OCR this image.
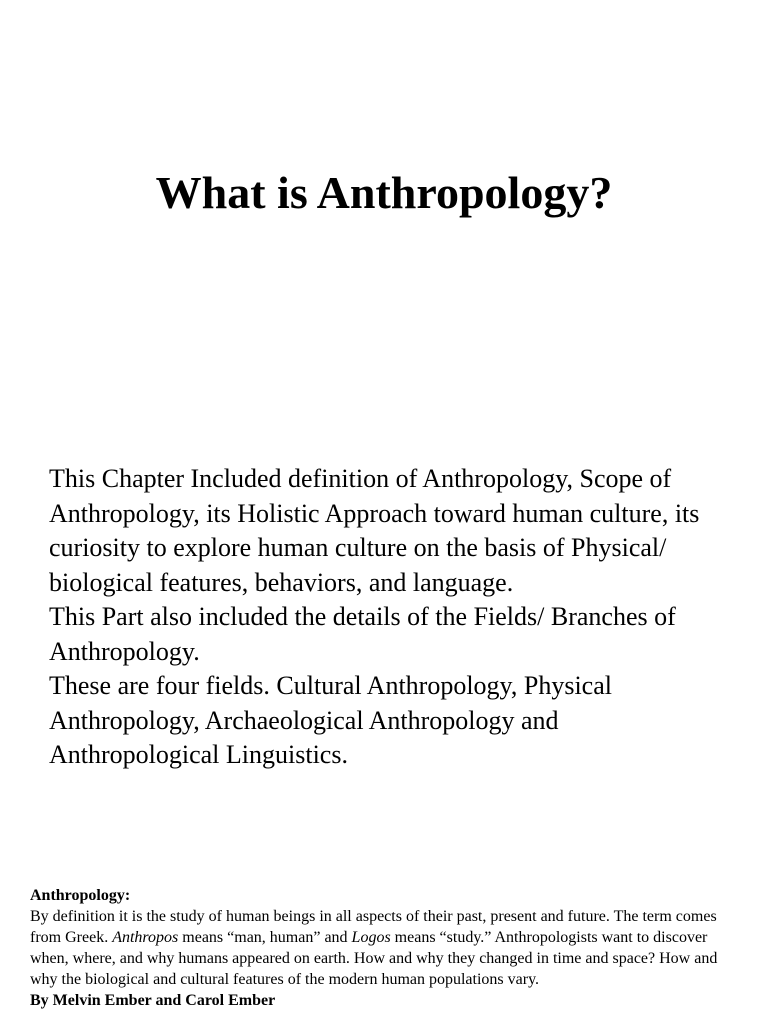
What is Anthropology?

This Chapter Included definition of Anthropology, Scope of Anthropology, its Holistic Approach toward human culture, its curiosity to explore human culture on the basis of Physical/ biological features, behaviors, and language.

This Part also included the details of the Fields/ Branches of Anthropology.

These are four fields. Cultural Anthropology, Physical Anthropology, Archaeological Anthropology and Anthropological Linguistics.

Anthropology:

By definition it is the study of human beings in all aspects of their past, present and future. The term comes from Greek. Anthropos means “man, human” and Logos means “study.” Anthropologists want to discover when, where, and why humans appeared on earth. How and why they changed in time and space? How and why the biological and cultural features of the modern human populations vary.

By Melvin Ember and Carol Ember
